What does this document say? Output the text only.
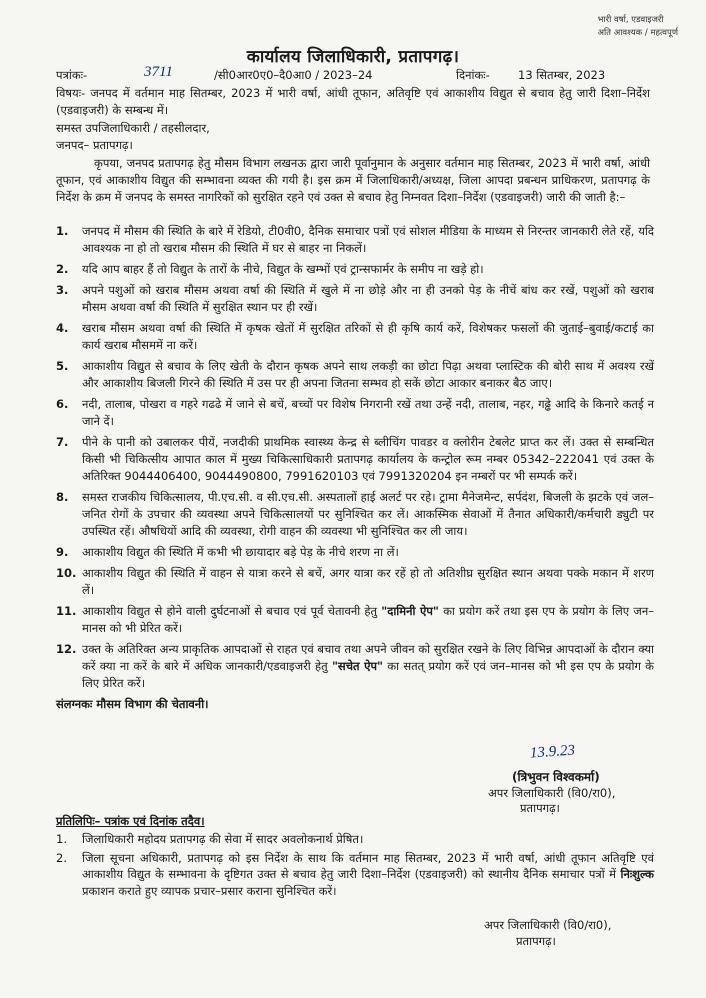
भारी वर्षा, एडवाइजरी
अति आवश्यक / महत्वपूर्ण
कार्यालय जिलाधिकारी, प्रतापगढ़।
पत्रांकः-	3711	/सी0आर0ए0–दै0आ0 / 2023–24	दिनांकः- 13 सितम्बर, 2023
विषयः- जनपद में वर्तमान माह सितम्बर, 2023 में भारी वर्षा, आंधी तूफान, अतिवृष्टि एवं आकाशीय विद्युत से बचाव हेतु जारी दिशा–निर्देश (एडवाइजरी) के सम्बन्ध में।
समस्त उपजिलाधिकारी / तहसीलदार,
जनपद– प्रतापगढ़।
कृपया, जनपद प्रतापगढ़ हेतु मौसम विभाग लखनऊ द्वारा जारी पूर्वानुमान के अनुसार वर्तमान माह सितम्बर, 2023 में भारी वर्षा, आंधी तूफान, एवं आकाशीय विद्युत की सम्भावना व्यक्त की गयी है। इस क्रम में जिलाधिकारी/अध्यक्ष, जिला आपदा प्रबन्धन प्राधिकरण, प्रतापगढ़ के निर्देश के क्रम में जनपद के समस्त नागरिकों को सुरक्षित रहने एवं उक्त से बचाव हेतु निम्नवत दिशा–निर्देश (एडवाइजरी) जारी की जाती है:–
1.	जनपद में मौसम की स्थिति के बारे में रेडियो, टी0वी0, दैनिक समाचार पत्रों एवं सोशल मीडिया के माध्यम से निरन्तर जानकारी लेते रहें, यदि आवश्यक ना हो तो खराब मौसम की स्थिति में घर से बाहर ना निकलें।
2.	यदि आप बाहर हैं तो विद्युत के तारों के नीचे, विद्युत के खम्भों एवं ट्रान्सफार्मर के समीप ना खड़े हो।
3.	अपने पशुओं को खराब मौसम अथवा वर्षा की स्थिति में खुले में ना छोड़े और ना ही उनको पेड़ के नीचें बांध कर रखें, पशुओं को खराब मौसम अथवा वर्षा की स्थिति में सुरक्षित स्थान पर ही रखें।
4.	खराब मौसम अथवा वर्षा की स्थिति में कृषक खेतों में सुरक्षित तरिकों से ही कृषि कार्य करें, विशेषकर फसलों की जुताई–बुवाई/कटाई का कार्य खराब मौसममें ना करें।
5.	आकाशीय विद्युत से बचाव के लिए खेती के दौरान कृषक अपने साथ लकड़ी का छोटा पिढ़ा अथवा प्लास्टिक की बोरी साथ में अवश्य रखें और आकाशीय बिजली गिरने की स्थिति में उस पर ही अपना जितना सम्भव हो सकें छोटा आकार बनाकर बैठ जाए।
6.	नदी, तालाब, पोखरा व गहरे गढढे में जाने से बचें, बच्चों पर विशेष निगरानी रखें तथा उन्हें नदी, तालाब, नहर, गढ्ढे आदि के किनारे कतई न जाने दें।
7.	पीने के पानी को उबालकर पीयें, नजदीकी प्राथमिक स्वास्थ्य केन्द्र से ब्लीचिंग पावडर व क्लोरीन टेबलेट प्राप्त कर लें। उक्त से सम्बन्धित किसी भी चिकित्सीय आपात काल में मुख्य चिकित्साधिकारी प्रतापगढ़ कार्यालय के कन्ट्रोल रूम नम्बर 05342–222041 एवं उक्त के अतिरिक्त 9044406400, 9044490800, 7991620103 एवं 7991320204 इन नम्बरों पर भी सम्पर्क करें।
8.	समस्त राजकीय चिकित्सालय, पी.एच.सी. व सी.एच.सी. अस्पतालों हाई अलर्ट पर रहे। ट्रामा मैनेजमेन्ट, सर्पदंश, बिजली के झटके एवं जल–जनित रोगों के उपचार की व्यवस्था अपने चिकित्सालयों पर सुनिश्चित कर लें। आकस्मिक सेवाओं में तैनात अधिकारी/कर्मचारी ड्युटी पर उपस्थित रहें। औषधियों आदि की व्यवस्था, रोगी वाहन की व्यवस्था भी सुनिश्चित कर ली जाय।
9.	आकाशीय विद्युत की स्थिति में कभी भी छायादार बड़े पेड़ के नीचे शरण ना लें।
10. आकाशीय विद्युत की स्थिति में वाहन से यात्रा करने से बचें, अगर यात्रा कर रहें हो तो अतिशीघ्र सुरक्षित स्थान अथवा पक्के मकान में शरण लें।
11. आकाशीय विद्युत से होने वाली दुर्घटनाओं से बचाव एवं पूर्व चेतावनी हेतु "दामिनी ऐप" का प्रयोग करें तथा इस एप के प्रयोग के लिए जन–मानस को भी प्रेरित करें।
12. उक्त के अतिरिक्त अन्य प्राकृतिक आपदाओं से राहत एवं बचाव तथा अपने जीवन को सुरक्षित रखने के लिए विभिन्न आपदाओं के दौरान क्या करें क्या ना करें के बारे में अधिक जानकारी/एडवाइजरी हेतु "सचेत ऐप" का सतत् प्रयोग करें एवं जन–मानस को भी इस एप के प्रयोग के लिए प्रेरित करें।
संलग्नकः मौसम विभाग की चेतावनी।
13.9.23
(त्रिभुवन विश्वकर्मा)
अपर जिलाधिकारी (वि0/रा0),
प्रतापगढ़।
प्रतिलिपिः– पत्रांक एवं दिनांक तदैव।
1.	जिलाधिकारी महोदय प्रतापगढ़ की सेवा में सादर अवलोकनार्थ प्रेषित।
2.	जिला सूचना अधिकारी, प्रतापगढ़ को इस निर्देश के साथ कि वर्तमान माह सितम्बर, 2023 में भारी वर्षा, आंधी तूफान अतिवृष्टि एवं आकाशीय विद्युत के सम्भावना के दृष्टिगत उक्त से बचाव हेतु जारी दिशा–निर्देश (एडवाइजरी) को स्थानीय दैनिक समाचार पत्रों में निःशुल्क प्रकाशन कराते हुए व्यापक प्रचार–प्रसार कराना सुनिश्चित करें।
अपर जिलाधिकारी (वि0/रा0),
प्रतापगढ़।
